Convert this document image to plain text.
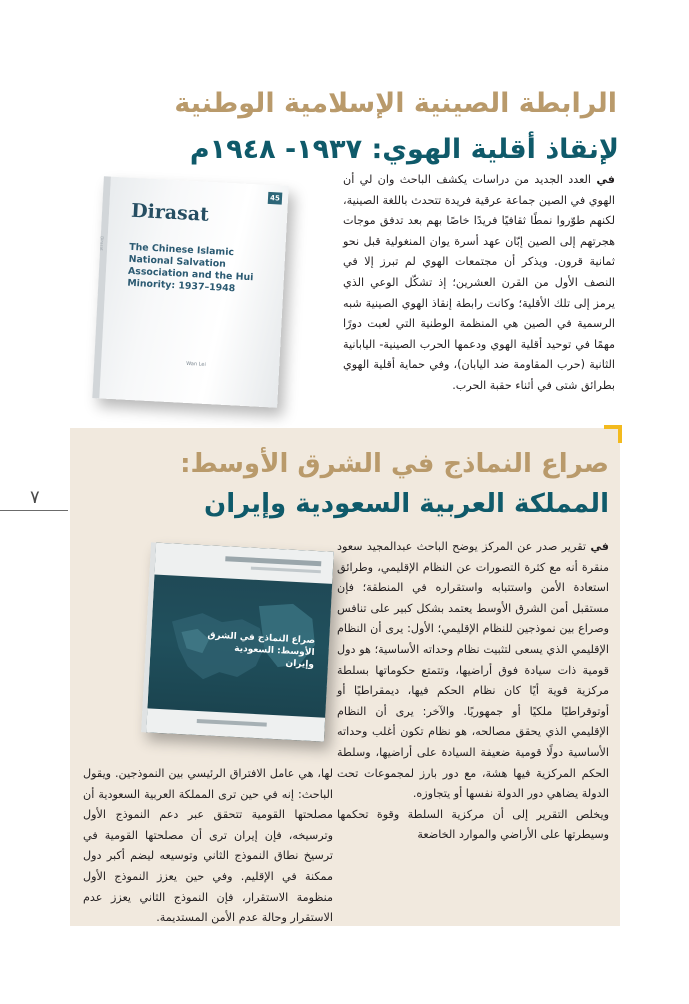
الرابطة الصينية الإسلامية الوطنية
لإنقاذ أقلية الهوي: ١٩٣٧- ١٩٤٨م
45
Dirasat
The Chinese Islamic National Salvation Association and the Hui Minority: 1937–1948
Wan Lei
Dirasat
في العدد الجديد من دراسات يكشف الباحث وان لي أن الهوي في الصين جماعة عرقية فريدة تتحدث باللغة الصينية، لكنهم طوّروا نمطًا ثقافيًا فريدًا خاصًا بهم بعد تدفق موجات هجرتهم إلى الصين إبّان عهد أسرة يوان المنغولية قبل نحو ثمانية قرون. ويذكر أن مجتمعات الهوي لم تبرز إلا في النصف الأول من القرن العشرين؛ إذ تشكّل الوعي الذي يرمز إلى تلك الأقلية؛ وكانت رابطة إنقاذ الهوي الصينية شبه الرسمية في الصين هي المنظمة الوطنية التي لعبت دورًا مهمًا في توحيد أقلية الهوي ودعمها الحرب الصينية- اليابانية الثانية (حرب المقاومة ضد اليابان)، وفي حماية أقلية الهوي بطرائق شتى في أثناء حقبة الحرب.
٧
صراع النماذج في الشرق الأوسط:
المملكة العربية السعودية وإيران
صراع النماذج في الشرق الأوسط: السعودية وإيران
في تقرير صدر عن المركز يوضح الباحث عبدالمجيد سعود منقرة أنه مع كثرة التصورات عن النظام الإقليمي، وطرائق استعادة الأمن واستتبابه واستقراره في المنطقة؛ فإن مستقبل أمن الشرق الأوسط يعتمد بشكل كبير على تنافس وصراع بين نموذجين للنظام الإقليمي؛ الأول: يرى أن النظام الإقليمي الذي يسعى لتثبيت نظام وحداته الأساسية؛ هو دول قومية ذات سيادة فوق أراضيها، وتتمتع حكوماتها بسلطة مركزية قوية أيًا كان نظام الحكم فيها، ديمقراطيًا أو أوتوقراطيًا ملكيًا أو جمهوريًا. والآخر: يرى أن النظام الإقليمي الذي يحقق مصالحه، هو نظام تكون أغلب وحداته الأساسية دولًا قومية ضعيفة السيادة على أراضيها، وسلطة الحكم المركزية فيها هشة، مع دور بارز لمجموعات تحت الدولة يضاهي دور الدولة نفسها أو يتجاوزه.
ويخلص التقرير إلى أن مركزية السلطة وقوة تحكمها وسيطرتها على الأراضي والموارد الخاضعة
لها، هي عامل الافتراق الرئيسي بين النموذجين. ويقول الباحث: إنه في حين ترى المملكة العربية السعودية أن مصلحتها القومية تتحقق عبر دعم النموذج الأول وترسيخه، فإن إيران ترى أن مصلحتها القومية في ترسيخ نطاق النموذج الثاني وتوسيعه ليضم أكبر دول ممكنة في الإقليم. وفي حين يعزز النموذج الأول منظومة الاستقرار، فإن النموذج الثاني يعزز عدم الاستقرار وحالة عدم الأمن المستديمة.
